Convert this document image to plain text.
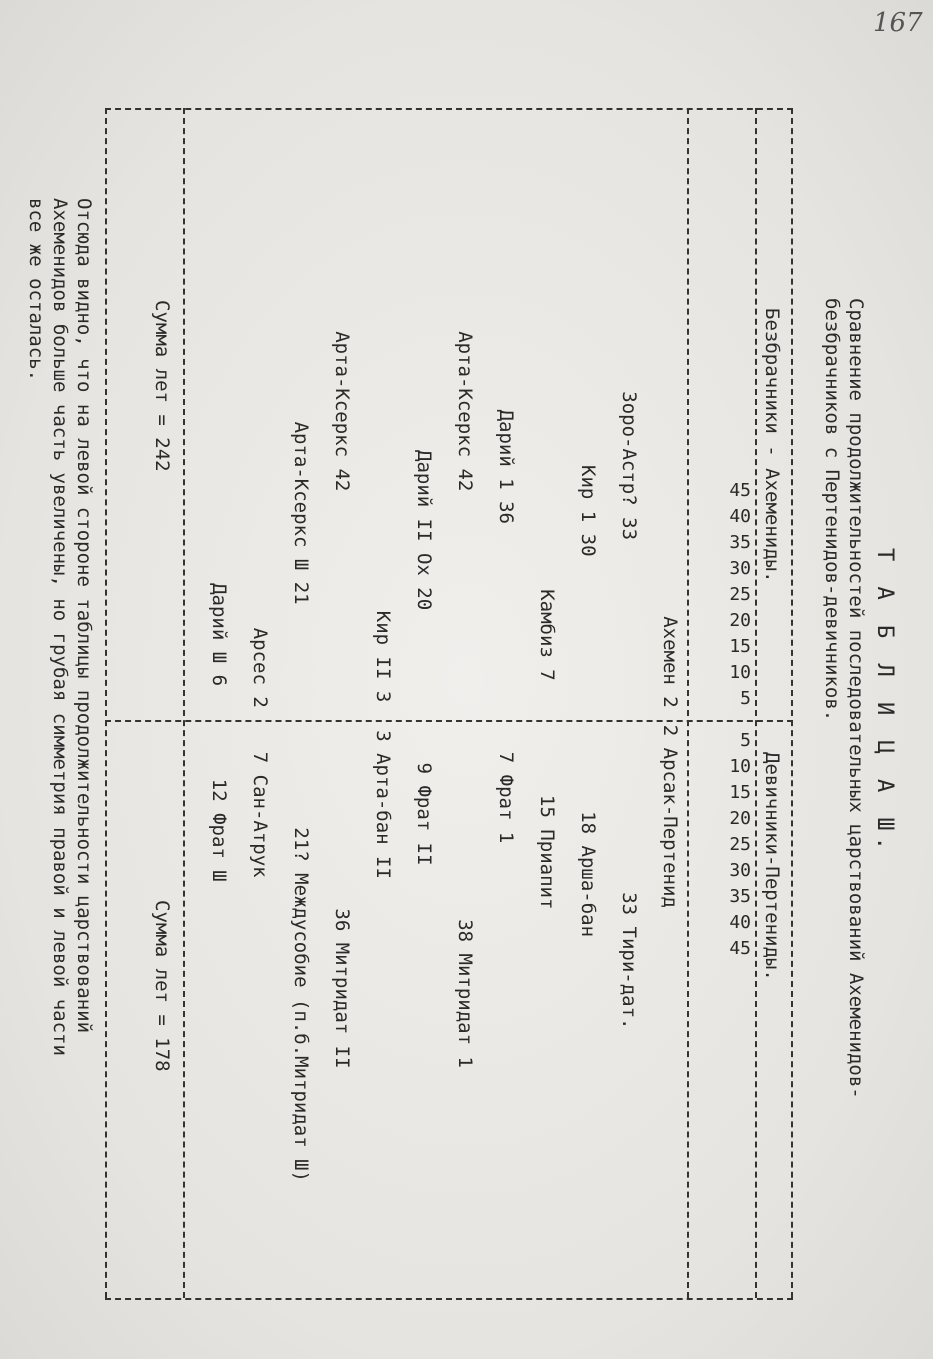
167
Т А Б Л И Ц А Ш.
Сравнение продолжительностей последовательных царствований Ахеменидов-
безбрачников с Пертенидов-девичников.
Безбрачники - Ахемениды.
Девичники-Пертениды.
45
40
35
30
25
20
15
10
5
5
10
15
20
25
30
35
40
45
Сумма лет = 242
Сумма лет = 178
Отсюда видно, что на левой стороне таблицы продолжительности царствований
Ахеменидов больше часть увеличены, но грубая симметрия правой и левой части
все же осталась.
Ахемен 2
Зоро-Астр? 33
Кир 1 30
Камбиз 7
Дарий 1 36
Арта-Ксеркс 42
Дарий II Ох 20
Кир II 3
Арта-Ксеркс 42
Арта-Ксеркс Ш 21
Арсес 2
Дарий Ш 6
2 Арсак-Пертенид
33 Тири-дат.
18 Арша-бан
15 Приапит
7 Фрат 1
38 Митридат 1
9 Фрат II
3 Арта-бан II
36 Митридат II
21? Междусобие (п.б.Митридат Ш)
7 Сан-Атрук
12 Фрат Ш
